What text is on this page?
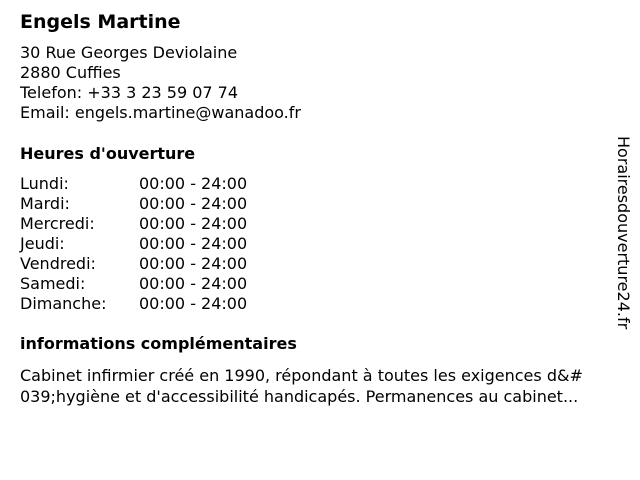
Engels Martine
30 Rue Georges Deviolaine
2880 Cuffies
Telefon: +33 3 23 59 07 74
Email: engels.martine@wanadoo.fr
Heures d'ouverture
Lundi:	00:00 - 24:00
Mardi:	00:00 - 24:00
Mercredi:	00:00 - 24:00
Jeudi:	00:00 - 24:00
Vendredi:	00:00 - 24:00
Samedi:	00:00 - 24:00
Dimanche: 00:00 - 24:00
informations complémentaires
Cabinet infirmier créé en 1990, répondant à toutes les exigences d&#
039;hygiène et d'accessibilité handicapés. Permanences au cabinet...
Horairesdouverture24.fr
